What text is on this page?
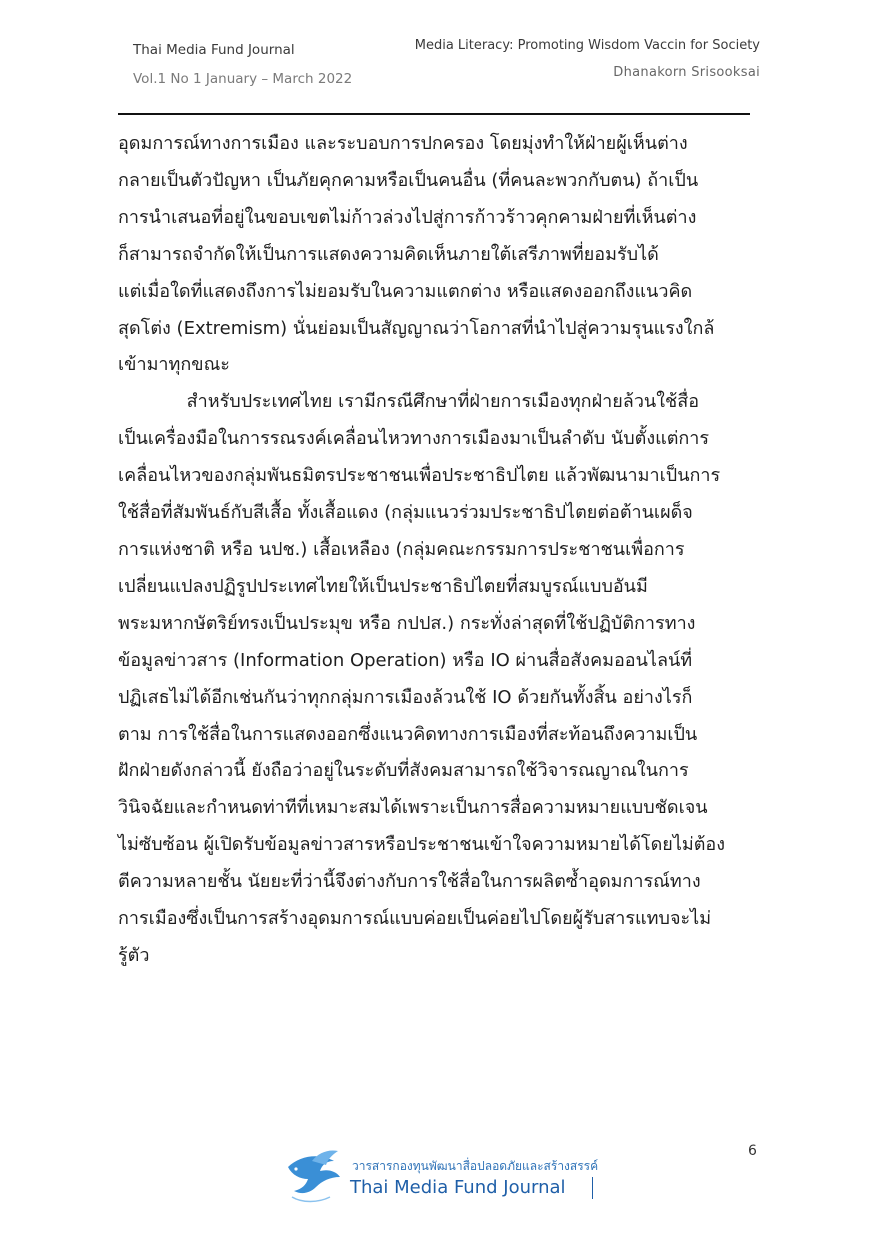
Thai Media Fund Journal
Vol.1 No 1 January – March 2022
Media Literacy: Promoting Wisdom Vaccin for Society
Dhanakorn Srisooksai

อุดมการณ์ทางการเมือง และระบอบการปกครอง โดยมุ่งทำให้ฝ่ายผู้เห็นต่าง

กลายเป็นตัวปัญหา เป็นภัยคุกคามหรือเป็นคนอื่น (ที่คนละพวกกับตน) ถ้าเป็น

การนำเสนอที่อยู่ในขอบเขตไม่ก้าวล่วงไปสู่การก้าวร้าวคุกคามฝ่ายที่เห็นต่าง

ก็สามารถจำกัดให้เป็นการแสดงความคิดเห็นภายใต้เสรีภาพที่ยอมรับได้

แต่เมื่อใดที่แสดงถึงการไม่ยอมรับในความแตกต่าง หรือแสดงออกถึงแนวคิด

สุดโต่ง (Extremism) นั่นย่อมเป็นสัญญาณว่าโอกาสที่นำไปสู่ความรุนแรงใกล้

เข้ามาทุกขณะ

สำหรับประเทศไทย เรามีกรณีศึกษาที่ฝ่ายการเมืองทุกฝ่ายล้วนใช้สื่อ

เป็นเครื่องมือในการรณรงค์เคลื่อนไหวทางการเมืองมาเป็นลำดับ นับตั้งแต่การ

เคลื่อนไหวของกลุ่มพันธมิตรประชาชนเพื่อประชาธิปไตย แล้วพัฒนามาเป็นการ

ใช้สื่อที่สัมพันธ์กับสีเสื้อ ทั้งเสื้อแดง (กลุ่มแนวร่วมประชาธิปไตยต่อต้านเผด็จ

การแห่งชาติ หรือ นปช.) เสื้อเหลือง (กลุ่มคณะกรรมการประชาชนเพื่อการ

เปลี่ยนแปลงปฏิรูปประเทศไทยให้เป็นประชาธิปไตยที่สมบูรณ์แบบอันมี

พระมหากษัตริย์ทรงเป็นประมุข หรือ กปปส.) กระทั่งล่าสุดที่ใช้ปฏิบัติการทาง

ข้อมูลข่าวสาร (Information Operation) หรือ IO ผ่านสื่อสังคมออนไลน์ที่

ปฏิเสธไม่ได้อีกเช่นกันว่าทุกกลุ่มการเมืองล้วนใช้ IO ด้วยกันทั้งสิ้น อย่างไรก็

ตาม การใช้สื่อในการแสดงออกซึ่งแนวคิดทางการเมืองที่สะท้อนถึงความเป็น

ฝักฝ่ายดังกล่าวนี้ ยังถือว่าอยู่ในระดับที่สังคมสามารถใช้วิจารณญาณในการ

วินิจฉัยและกำหนดท่าทีที่เหมาะสมได้เพราะเป็นการสื่อความหมายแบบชัดเจน

ไม่ซับซ้อน ผู้เปิดรับข้อมูลข่าวสารหรือประชาชนเข้าใจความหมายได้โดยไม่ต้อง

ตีความหลายชั้น นัยยะที่ว่านี้จึงต่างกับการใช้สื่อในการผลิตซ้ำอุดมการณ์ทาง

การเมืองซึ่งเป็นการสร้างอุดมการณ์แบบค่อยเป็นค่อยไปโดยผู้รับสารแทบจะไม่

รู้ตัว

6
วารสารกองทุนพัฒนาสื่อปลอดภัยและสร้างสรรค์
Thai Media Fund Journal
